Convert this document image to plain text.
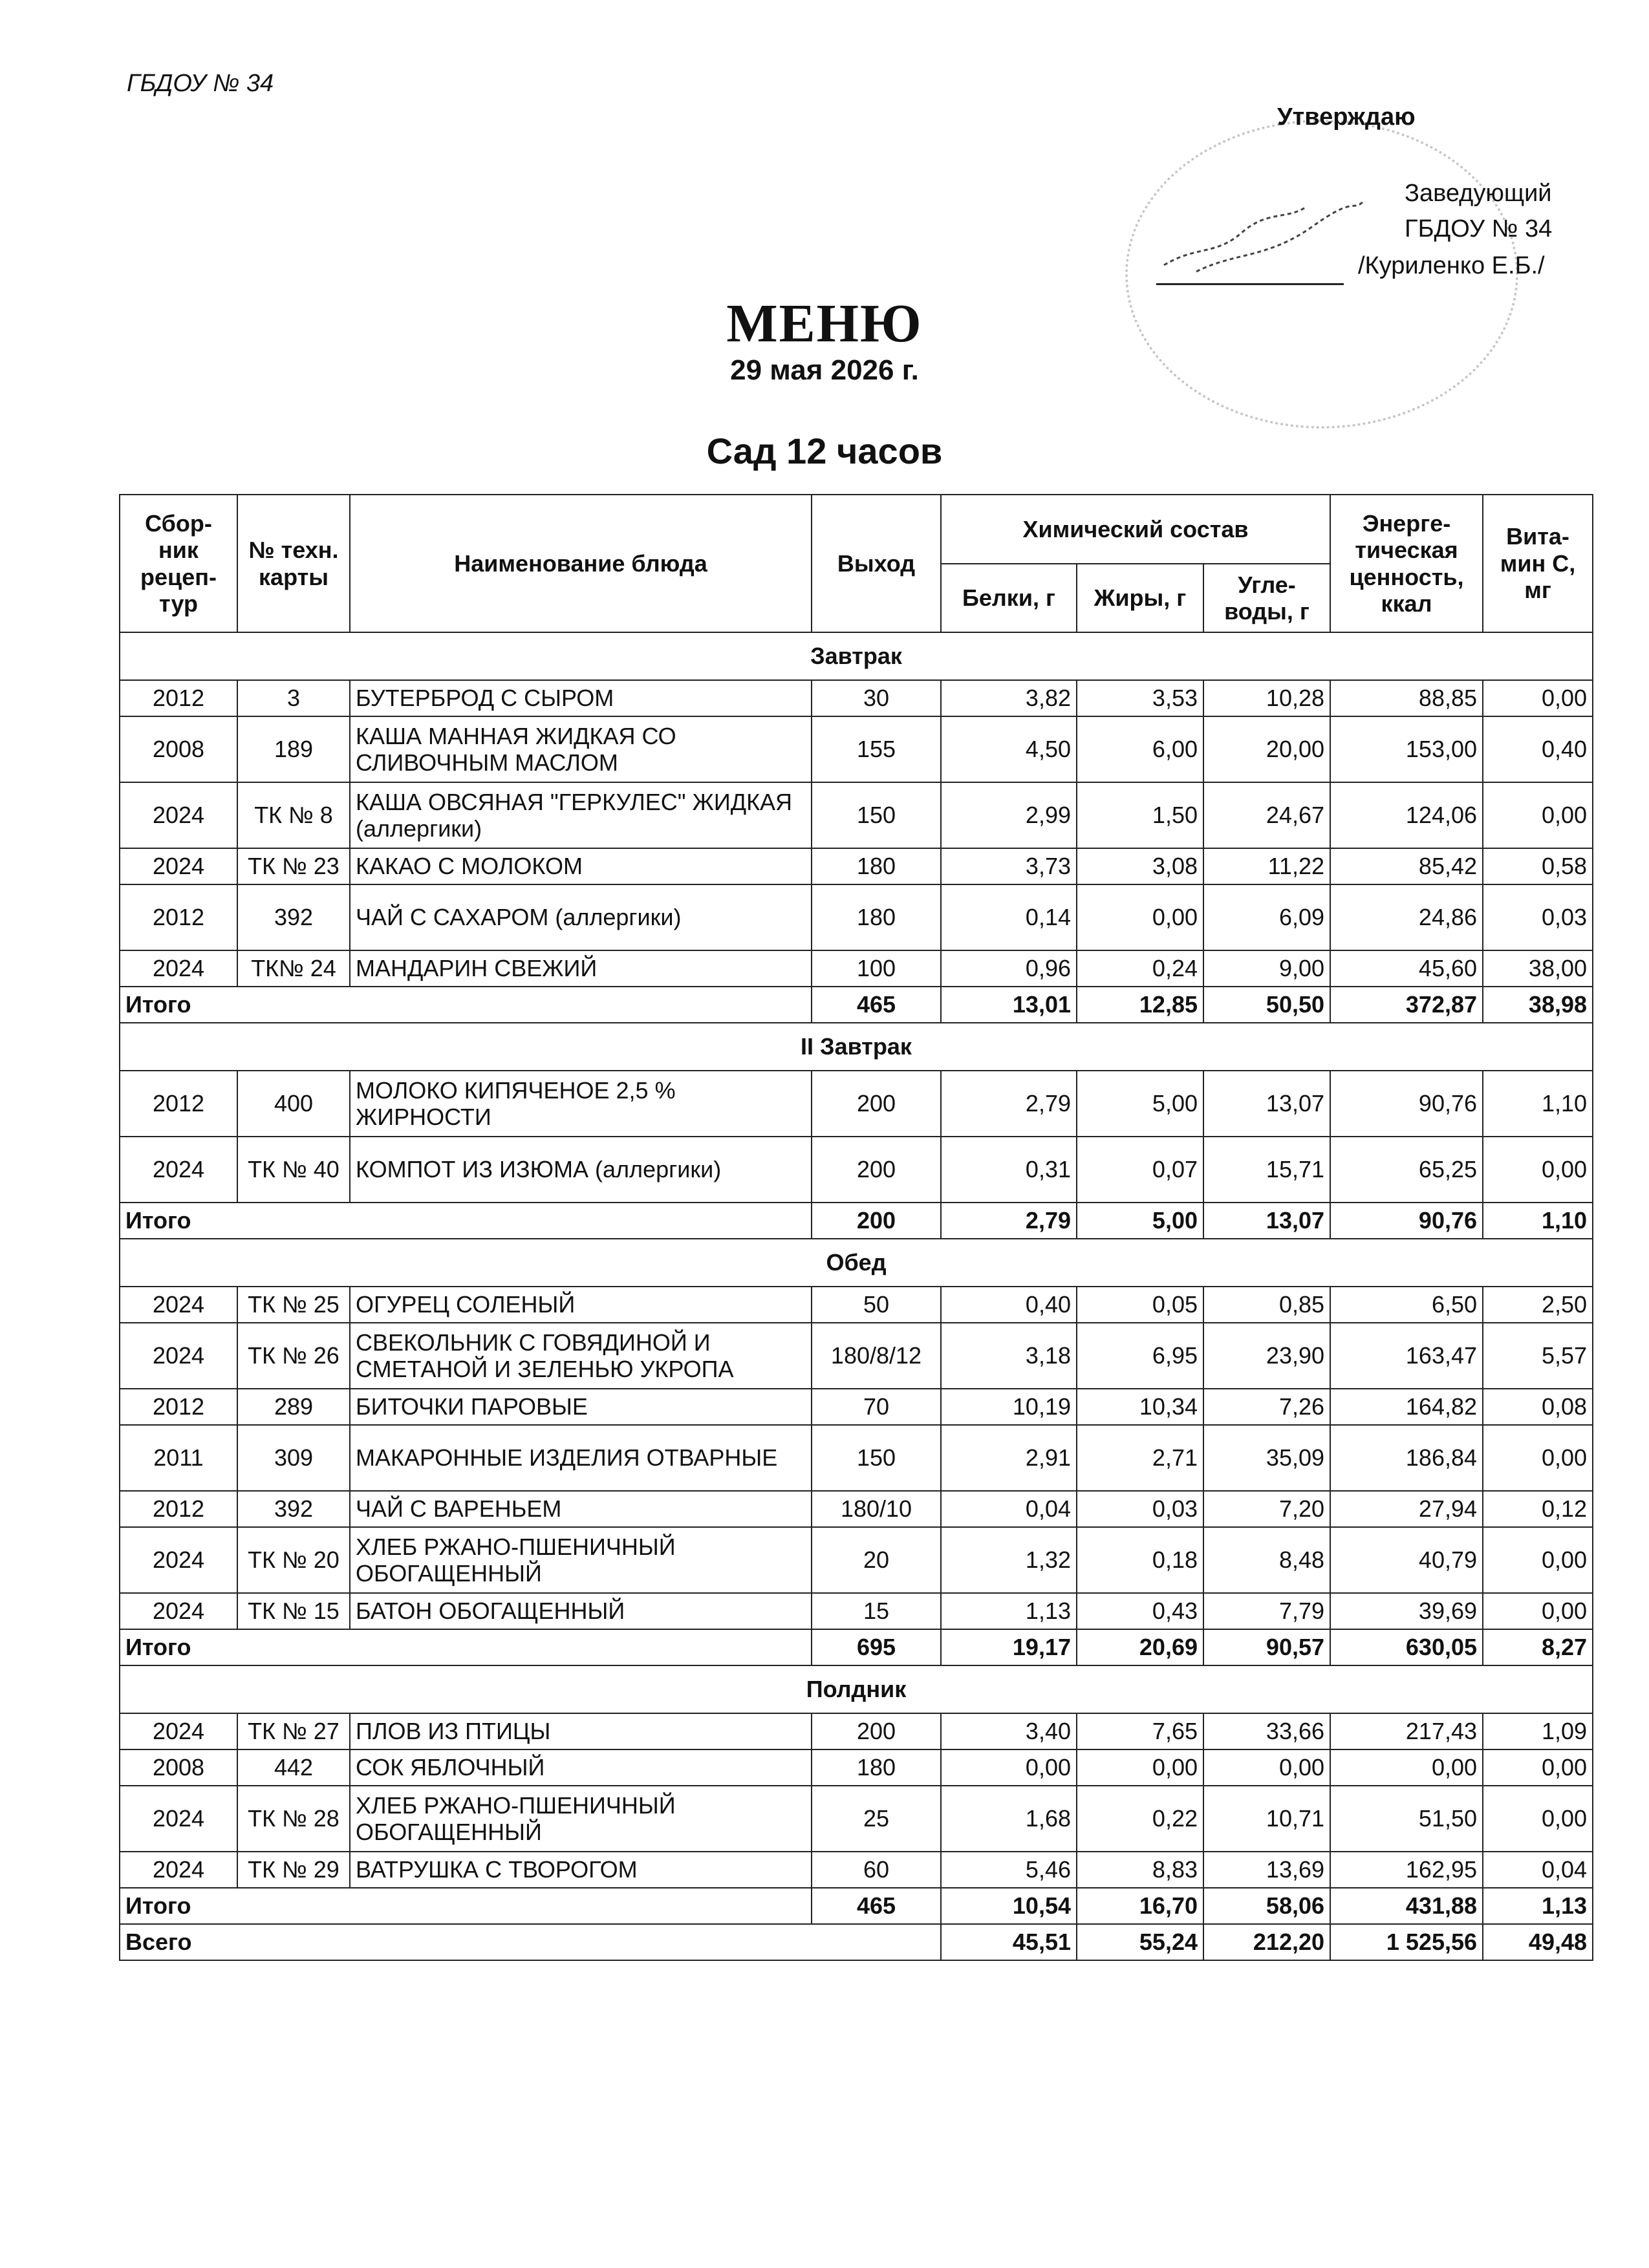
ГБДОУ № 34
Утверждаю
Заведующий
ГБДОУ № 34
/Куриленко Е.Б./
МЕНЮ
29 мая 2026 г.
Сад 12 часов
Сбор-ник рецеп-тур	№ техн. карты	Наименование блюда	Выход	Химический состав			Энерге-тическая ценность, ккал	Вита-мин С, мг
				Белки, г	Жиры, г	Угле-воды, г		
Завтрак								
2012	3	БУТЕРБРОД С СЫРОМ	30	3,82	3,53	10,28	88,85	0,00
2008	189	КАША МАННАЯ ЖИДКАЯ СО СЛИВОЧНЫМ МАСЛОМ	155	4,50	6,00	20,00	153,00	0,40
2024	ТК № 8	КАША ОВСЯНАЯ "ГЕРКУЛЕС" ЖИДКАЯ (аллергики)	150	2,99	1,50	24,67	124,06	0,00
2024	ТК № 23	КАКАО С МОЛОКОМ	180	3,73	3,08	11,22	85,42	0,58
2012	392	ЧАЙ С САХАРОМ (аллергики)	180	0,14	0,00	6,09	24,86	0,03
2024	ТК№ 24	МАНДАРИН СВЕЖИЙ	100	0,96	0,24	9,00	45,60	38,00
Итого			465	13,01	12,85	50,50	372,87	38,98
II Завтрак								
2012	400	МОЛОКО КИПЯЧЕНОЕ 2,5 % ЖИРНОСТИ	200	2,79	5,00	13,07	90,76	1,10
2024	ТК № 40	КОМПОТ ИЗ ИЗЮМА (аллергики)	200	0,31	0,07	15,71	65,25	0,00
Итого			200	2,79	5,00	13,07	90,76	1,10
Обед								
2024	ТК № 25	ОГУРЕЦ СОЛЕНЫЙ	50	0,40	0,05	0,85	6,50	2,50
2024	ТК № 26	СВЕКОЛЬНИК С ГОВЯДИНОЙ И СМЕТАНОЙ И ЗЕЛЕНЬЮ УКРОПА	180/8/12	3,18	6,95	23,90	163,47	5,57
2012	289	БИТОЧКИ ПАРОВЫЕ	70	10,19	10,34	7,26	164,82	0,08
2011	309	МАКАРОННЫЕ ИЗДЕЛИЯ ОТВАРНЫЕ	150	2,91	2,71	35,09	186,84	0,00
2012	392	ЧАЙ С ВАРЕНЬЕМ	180/10	0,04	0,03	7,20	27,94	0,12
2024	ТК № 20	ХЛЕБ РЖАНО-ПШЕНИЧНЫЙ ОБОГАЩЕННЫЙ	20	1,32	0,18	8,48	40,79	0,00
2024	ТК № 15	БАТОН ОБОГАЩЕННЫЙ	15	1,13	0,43	7,79	39,69	0,00
Итого			695	19,17	20,69	90,57	630,05	8,27
Полдник								
2024	ТК № 27	ПЛОВ ИЗ ПТИЦЫ	200	3,40	7,65	33,66	217,43	1,09
2008	442	СОК ЯБЛОЧНЫЙ	180	0,00	0,00	0,00	0,00	0,00
2024	ТК № 28	ХЛЕБ РЖАНО-ПШЕНИЧНЫЙ ОБОГАЩЕННЫЙ	25	1,68	0,22	10,71	51,50	0,00
2024	ТК № 29	ВАТРУШКА С ТВОРОГОМ	60	5,46	8,83	13,69	162,95	0,04
Итого			465	10,54	16,70	58,06	431,88	1,13
Всего				45,51	55,24	212,20	1 525,56	49,48
